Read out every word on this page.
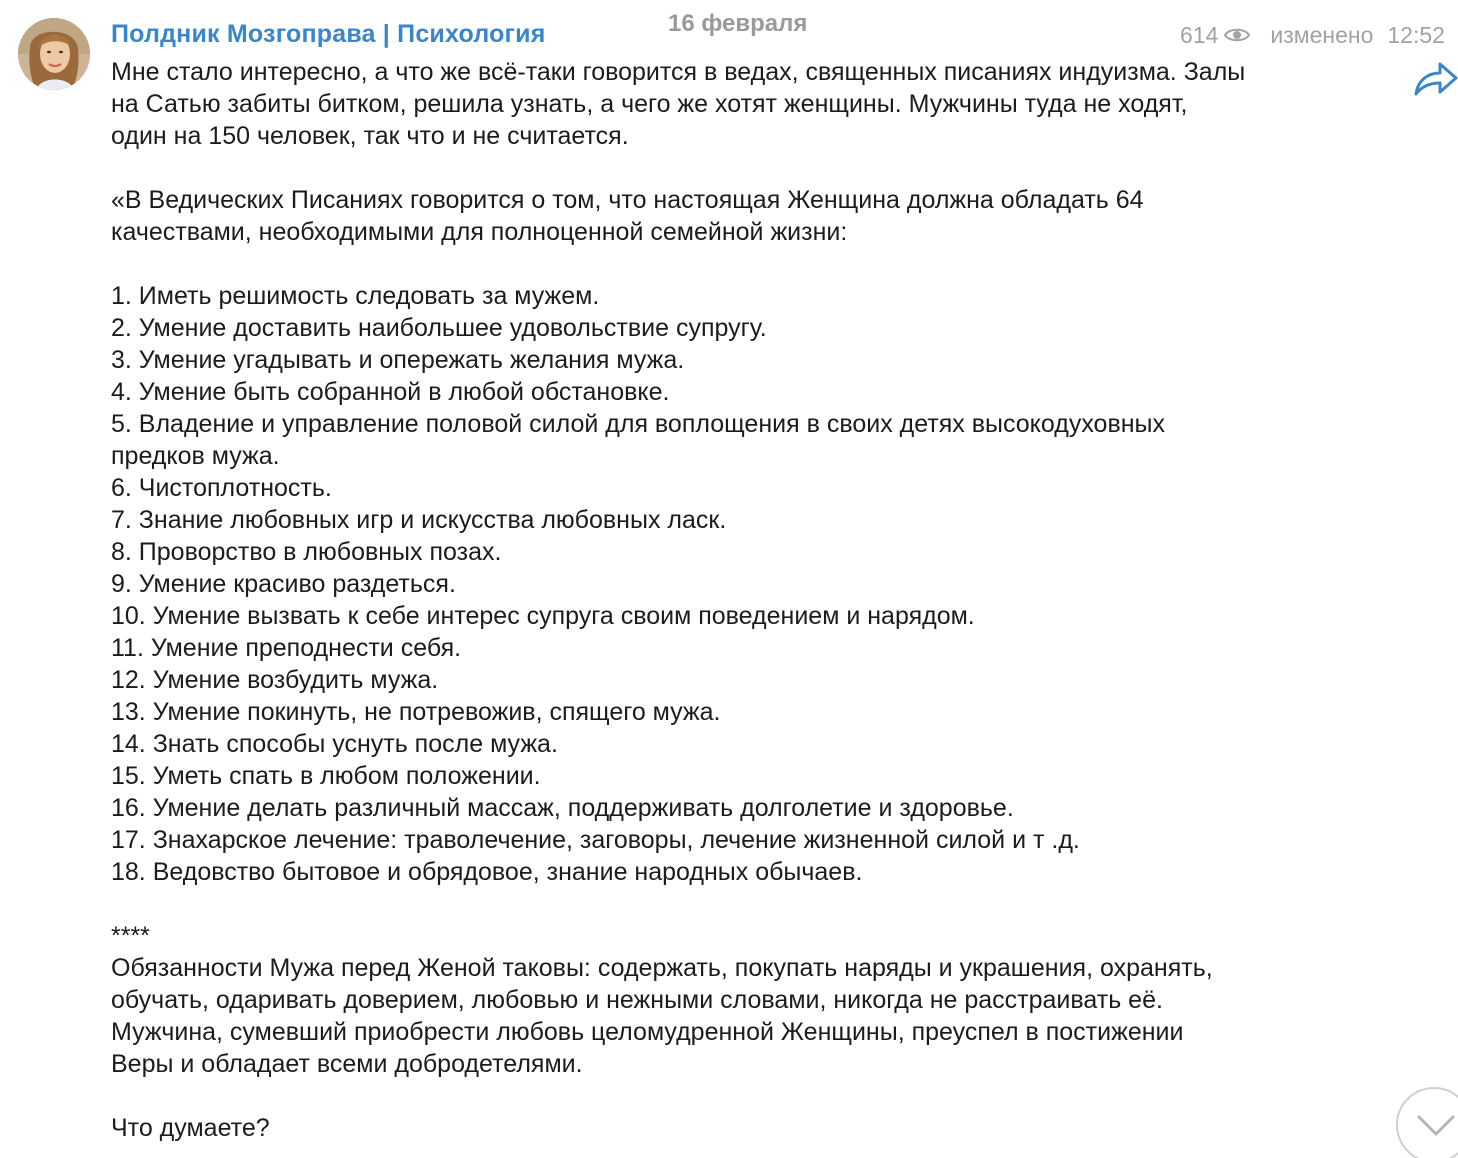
Полдник Мозгоправа | Психология	16 февраля	614 изменено 12:52
Мне стало интересно, а что же всё-таки говорится в ведах, священных писаниях индуизма. Залы
на Сатью забиты битком, решила узнать, а чего же хотят женщины. Мужчины туда не ходят,
один на 150 человек, так что и не считается.
«В Ведических Писаниях говорится о том, что настоящая Женщина должна обладать 64
качествами, необходимыми для полноценной семейной жизни:
1. Иметь решимость следовать за мужем.
2. Умение доставить наибольшее удовольствие супругу.
3. Умение угадывать и опережать желания мужа.
4. Умение быть собранной в любой обстановке.
5. Владение и управление половой силой для воплощения в своих детях высокодуховных
предков мужа.
6. Чистоплотность.
7. Знание любовных игр и искусства любовных ласк.
8. Проворство в любовных позах.
9. Умение красиво раздеться.
10. Умение вызвать к себе интерес супруга своим поведением и нарядом.
11. Умение преподнести себя.
12. Умение возбудить мужа.
13. Умение покинуть, не потревожив, спящего мужа.
14. Знать способы уснуть после мужа.
15. Уметь спать в любом положении.
16. Умение делать различный массаж, поддерживать долголетие и здоровье.
17. Знахарское лечение: траволечение, заговоры, лечение жизненной силой и т .д.
18. Ведовство бытовое и обрядовое, знание народных обычаев.
****
Обязанности Мужа перед Женой таковы: содержать, покупать наряды и украшения, охранять,
обучать, одаривать доверием, любовью и нежными словами, никогда не расстраивать её.
Мужчина, сумевший приобрести любовь целомудренной Женщины, преуспел в постижении
Веры и обладает всеми добродетелями.
Что думаете?
